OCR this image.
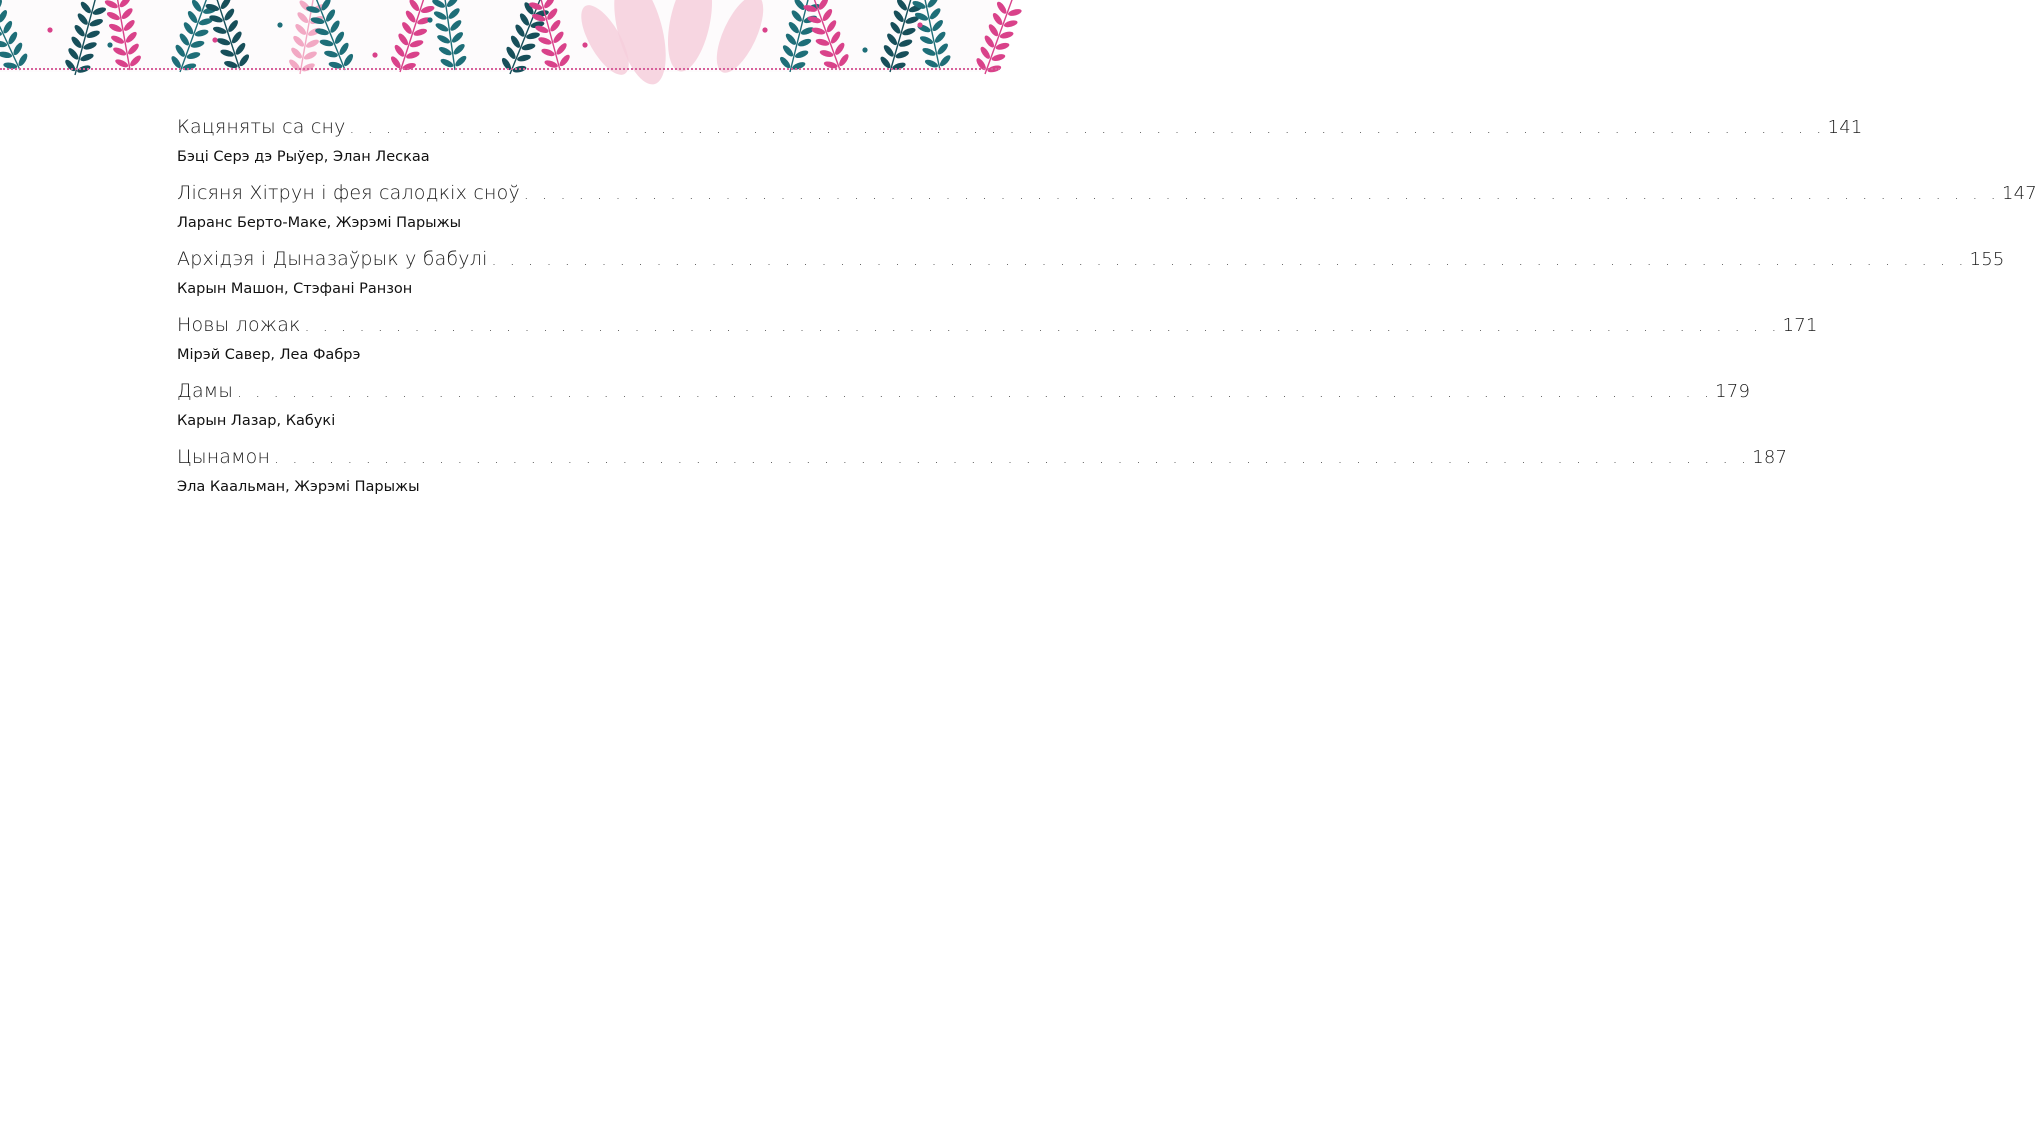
Кацяняты са сну . . . . . . . . . . . . . . . . . . . . . . . . . . . . . . . . . . . . . . . . . . . . . . . . . . . . . . . . . . . . . . . . . . . . . . . . . . . . . . . . . 141
Бэці Серэ дэ Рыўер, Элан Лескаа
Лісяня Хітрун і фея салодкіх сноў . . . . . . . . . . . . . . . . . . . . . . . . . . . . . . . . . . . . . . . . . . . . . . . . . . . . . . . . . . . . . . . . . . . . . . . . . . . . . . . . . 147
Ларанс Берто-Маке, Жэрэмі Парыжы
Архідэя і Дыназаўрык у бабулі . . . . . . . . . . . . . . . . . . . . . . . . . . . . . . . . . . . . . . . . . . . . . . . . . . . . . . . . . . . . . . . . . . . . . . . . . . . . . . . . . 155
Карын Машон, Стэфані Ранзон
Новы ложак . . . . . . . . . . . . . . . . . . . . . . . . . . . . . . . . . . . . . . . . . . . . . . . . . . . . . . . . . . . . . . . . . . . . . . . . . . . . . . . . . 171
Мірэй Савер, Леа Фабрэ
Дамы . . . . . . . . . . . . . . . . . . . . . . . . . . . . . . . . . . . . . . . . . . . . . . . . . . . . . . . . . . . . . . . . . . . . . . . . . . . . . . . . . 179
Карын Лазар, Кабукі
Цынамон . . . . . . . . . . . . . . . . . . . . . . . . . . . . . . . . . . . . . . . . . . . . . . . . . . . . . . . . . . . . . . . . . . . . . . . . . . . . . . . . . 187
Эла Каальман, Жэрэмі Парыжы
